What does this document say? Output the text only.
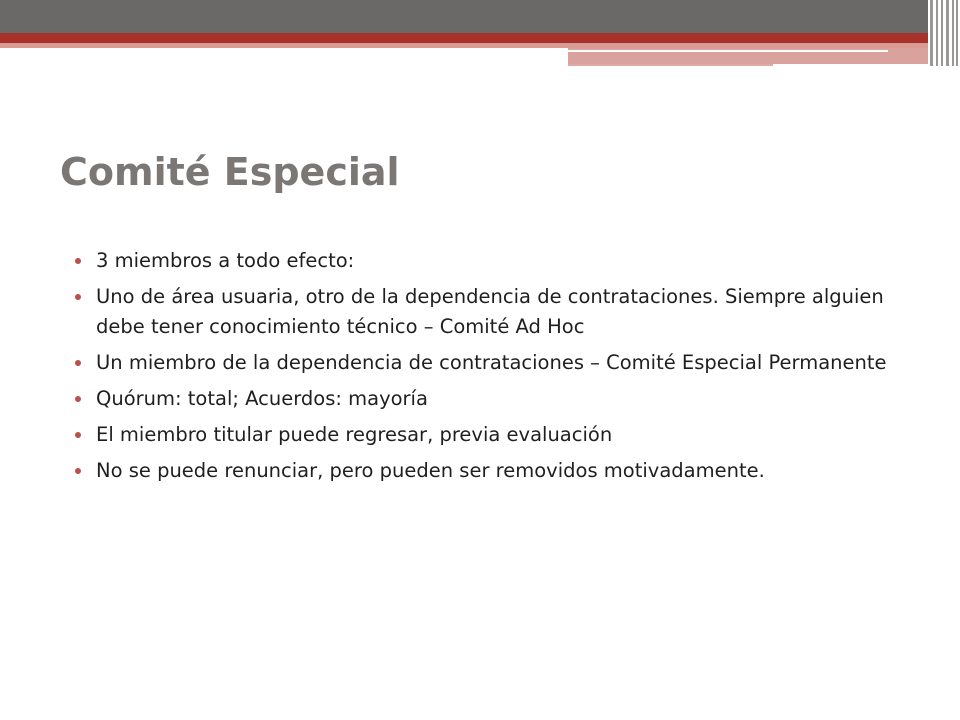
Comité Especial
3 miembros a todo efecto:
Uno de área usuaria, otro de la dependencia de contrataciones. Siempre alguien debe tener conocimiento técnico – Comité Ad Hoc
Un miembro de la dependencia de contrataciones – Comité Especial Permanente
Quórum: total; Acuerdos: mayoría
El miembro titular puede regresar, previa evaluación
No se puede renunciar, pero pueden ser removidos motivadamente.
